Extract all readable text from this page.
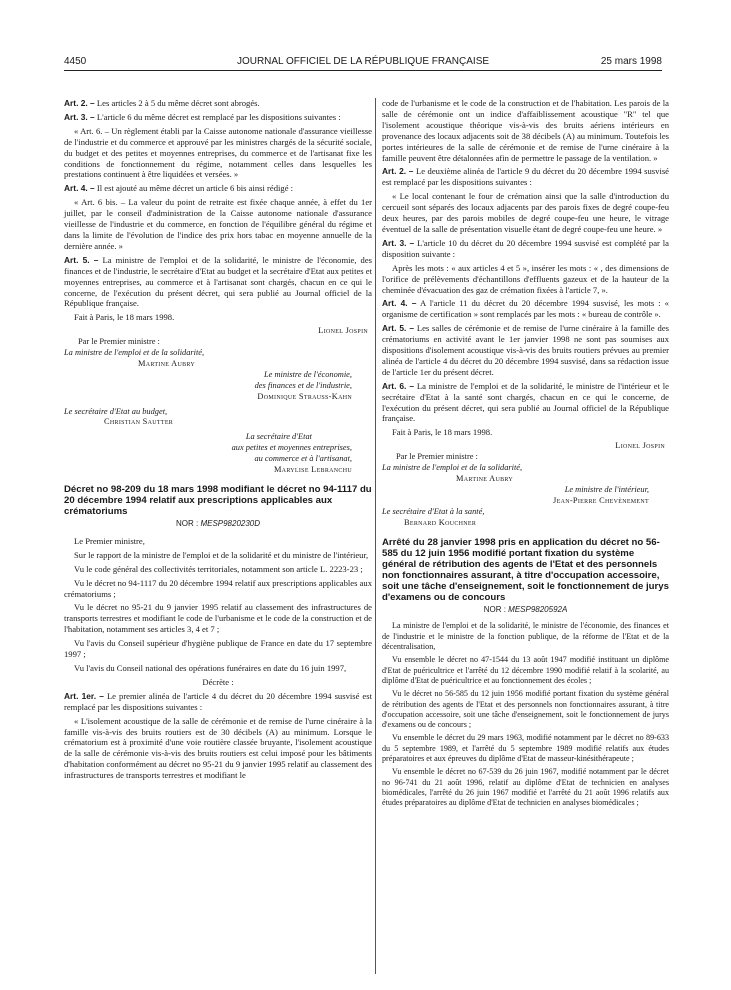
4450	JOURNAL OFFICIEL DE LA RÉPUBLIQUE FRANÇAISE	25 mars 1998

Art. 2. – Les articles 2 à 5 du même décret sont abrogés.

Art. 3. – L'article 6 du même décret est remplacé par les dispositions suivantes :

« Art. 6. – Un règlement établi par la Caisse autonome nationale d'assurance vieillesse de l'industrie et du commerce et approuvé par les ministres chargés de la sécurité sociale, du budget et des petites et moyennes entreprises, du commerce et de l'artisanat fixe les conditions de fonctionnement du régime, notamment celles dans lesquelles les prestations continuent à être liquidées et versées. »

Art. 4. – Il est ajouté au même décret un article 6 bis ainsi rédigé :

« Art. 6 bis. – La valeur du point de retraite est fixée chaque année, à effet du 1er juillet, par le conseil d'administration de la Caisse autonome nationale d'assurance vieillesse de l'industrie et du commerce, en fonction de l'équilibre général du régime et dans la limite de l'évolution de l'indice des prix hors tabac en moyenne annuelle de la dernière année. »

Art. 5. – La ministre de l'emploi et de la solidarité, le ministre de l'économie, des finances et de l'industrie, le secrétaire d'Etat au budget et la secrétaire d'Etat aux petites et moyennes entreprises, au commerce et à l'artisanat sont chargés, chacun en ce qui le concerne, de l'exécution du présent décret, qui sera publié au Journal officiel de la République française.

Fait à Paris, le 18 mars 1998.

Lionel Jospin

Par le Premier ministre :

La ministre de l'emploi et de la solidarité,

Martine Aubry

Le ministre de l'économie,

des finances et de l'industrie,

Dominique Strauss-Kahn

Le secrétaire d'Etat au budget,

Christian Sautter

La secrétaire d'Etat

aux petites et moyennes entreprises,

au commerce et à l'artisanat,

Marylise Lebranchu

Décret no 98-209 du 18 mars 1998 modifiant le décret no 94-1117 du 20 décembre 1994 relatif aux prescriptions applicables aux crématoriums

NOR : MESP9820230D

Le Premier ministre,

Sur le rapport de la ministre de l'emploi et de la solidarité et du ministre de l'intérieur,

Vu le code général des collectivités territoriales, notamment son article L. 2223-23 ;

Vu le décret no 94-1117 du 20 décembre 1994 relatif aux prescriptions applicables aux crématoriums ;

Vu le décret no 95-21 du 9 janvier 1995 relatif au classement des infrastructures de transports terrestres et modifiant le code de l'urbanisme et le code de la construction et de l'habitation, notamment ses articles 3, 4 et 7 ;

Vu l'avis du Conseil supérieur d'hygiène publique de France en date du 17 septembre 1997 ;

Vu l'avis du Conseil national des opérations funéraires en date du 16 juin 1997,

Décrète :

Art. 1er. – Le premier alinéa de l'article 4 du décret du 20 décembre 1994 susvisé est remplacé par les dispositions suivantes :

« L'isolement acoustique de la salle de cérémonie et de remise de l'urne cinéraire à la famille vis-à-vis des bruits routiers est de 30 décibels (A) au minimum. Lorsque le crématorium est à proximité d'une voie routière classée bruyante, l'isolement acoustique de la salle de cérémonie vis-à-vis des bruits routiers est celui imposé pour les bâtiments d'habitation conformément au décret no 95-21 du 9 janvier 1995 relatif au classement des infrastructures de transports terrestres et modifiant le

code de l'urbanisme et le code de la construction et de l'habitation. Les parois de la salle de cérémonie ont un indice d'affaiblissement acoustique "R" tel que l'isolement acoustique théorique vis-à-vis des bruits aériens intérieurs en provenance des locaux adjacents soit de 38 décibels (A) au minimum. Toutefois les portes intérieures de la salle de cérémonie et de remise de l'urne cinéraire à la famille peuvent être détalonnées afin de permettre le passage de la ventilation. »

Art. 2. – Le deuxième alinéa de l'article 9 du décret du 20 décembre 1994 susvisé est remplacé par les dispositions suivantes :

« Le local contenant le four de crémation ainsi que la salle d'introduction du cercueil sont séparés des locaux adjacents par des parois fixes de degré coupe-feu deux heures, par des parois mobiles de degré coupe-feu une heure, le vitrage éventuel de la salle de présentation visuelle étant de degré coupe-feu une heure. »

Art. 3. – L'article 10 du décret du 20 décembre 1994 susvisé est complété par la disposition suivante :

Après les mots : « aux articles 4 et 5 », insérer les mots : « , des dimensions de l'orifice de prélèvements d'échantillons d'effluents gazeux et de la hauteur de la cheminée d'évacuation des gaz de crémation fixées à l'article 7, ».

Art. 4. – A l'article 11 du décret du 20 décembre 1994 susvisé, les mots : « organisme de certification » sont remplacés par les mots : « bureau de contrôle ».

Art. 5. – Les salles de cérémonie et de remise de l'urne cinéraire à la famille des crématoriums en activité avant le 1er janvier 1998 ne sont pas soumises aux dispositions d'isolement acoustique vis-à-vis des bruits routiers prévues au premier alinéa de l'article 4 du décret du 20 décembre 1994 susvisé, dans sa rédaction issue de l'article 1er du présent décret.

Art. 6. – La ministre de l'emploi et de la solidarité, le ministre de l'intérieur et le secrétaire d'Etat à la santé sont chargés, chacun en ce qui le concerne, de l'exécution du présent décret, qui sera publié au Journal officiel de la République française.

Fait à Paris, le 18 mars 1998.

Lionel Jospin

Par le Premier ministre :

La ministre de l'emploi et de la solidarité,

Martine Aubry

Le ministre de l'intérieur,

Jean-Pierre Chevènement

Le secrétaire d'Etat à la santé,

Bernard Kouchner

Arrêté du 28 janvier 1998 pris en application du décret no 56-585 du 12 juin 1956 modifié portant fixation du système général de rétribution des agents de l'Etat et des personnels non fonctionnaires assurant, à titre d'occupation accessoire, soit une tâche d'enseignement, soit le fonctionnement de jurys d'examens ou de concours

NOR : MESP9820592A

La ministre de l'emploi et de la solidarité, le ministre de l'économie, des finances et de l'industrie et le ministre de la fonction publique, de la réforme de l'Etat et de la décentralisation,

Vu ensemble le décret no 47-1544 du 13 août 1947 modifié instituant un diplôme d'Etat de puéricultrice et l'arrêté du 12 décembre 1990 modifié relatif à la scolarité, au diplôme d'Etat de puéricultrice et au fonctionnement des écoles ;

Vu le décret no 56-585 du 12 juin 1956 modifié portant fixation du système général de rétribution des agents de l'Etat et des personnels non fonctionnaires assurant, à titre d'occupation accessoire, soit une tâche d'enseignement, soit le fonctionnement de jurys d'examens ou de concours ;

Vu ensemble le décret du 29 mars 1963, modifié notamment par le décret no 89-633 du 5 septembre 1989, et l'arrêté du 5 septembre 1989 modifié relatifs aux études préparatoires et aux épreuves du diplôme d'Etat de masseur-kinésithérapeute ;

Vu ensemble le décret no 67-539 du 26 juin 1967, modifié notamment par le décret no 96-741 du 21 août 1996, relatif au diplôme d'Etat de technicien en analyses biomédicales, l'arrêté du 26 juin 1967 modifié et l'arrêté du 21 août 1996 relatifs aux études préparatoires au diplôme d'Etat de technicien en analyses biomédicales ;
